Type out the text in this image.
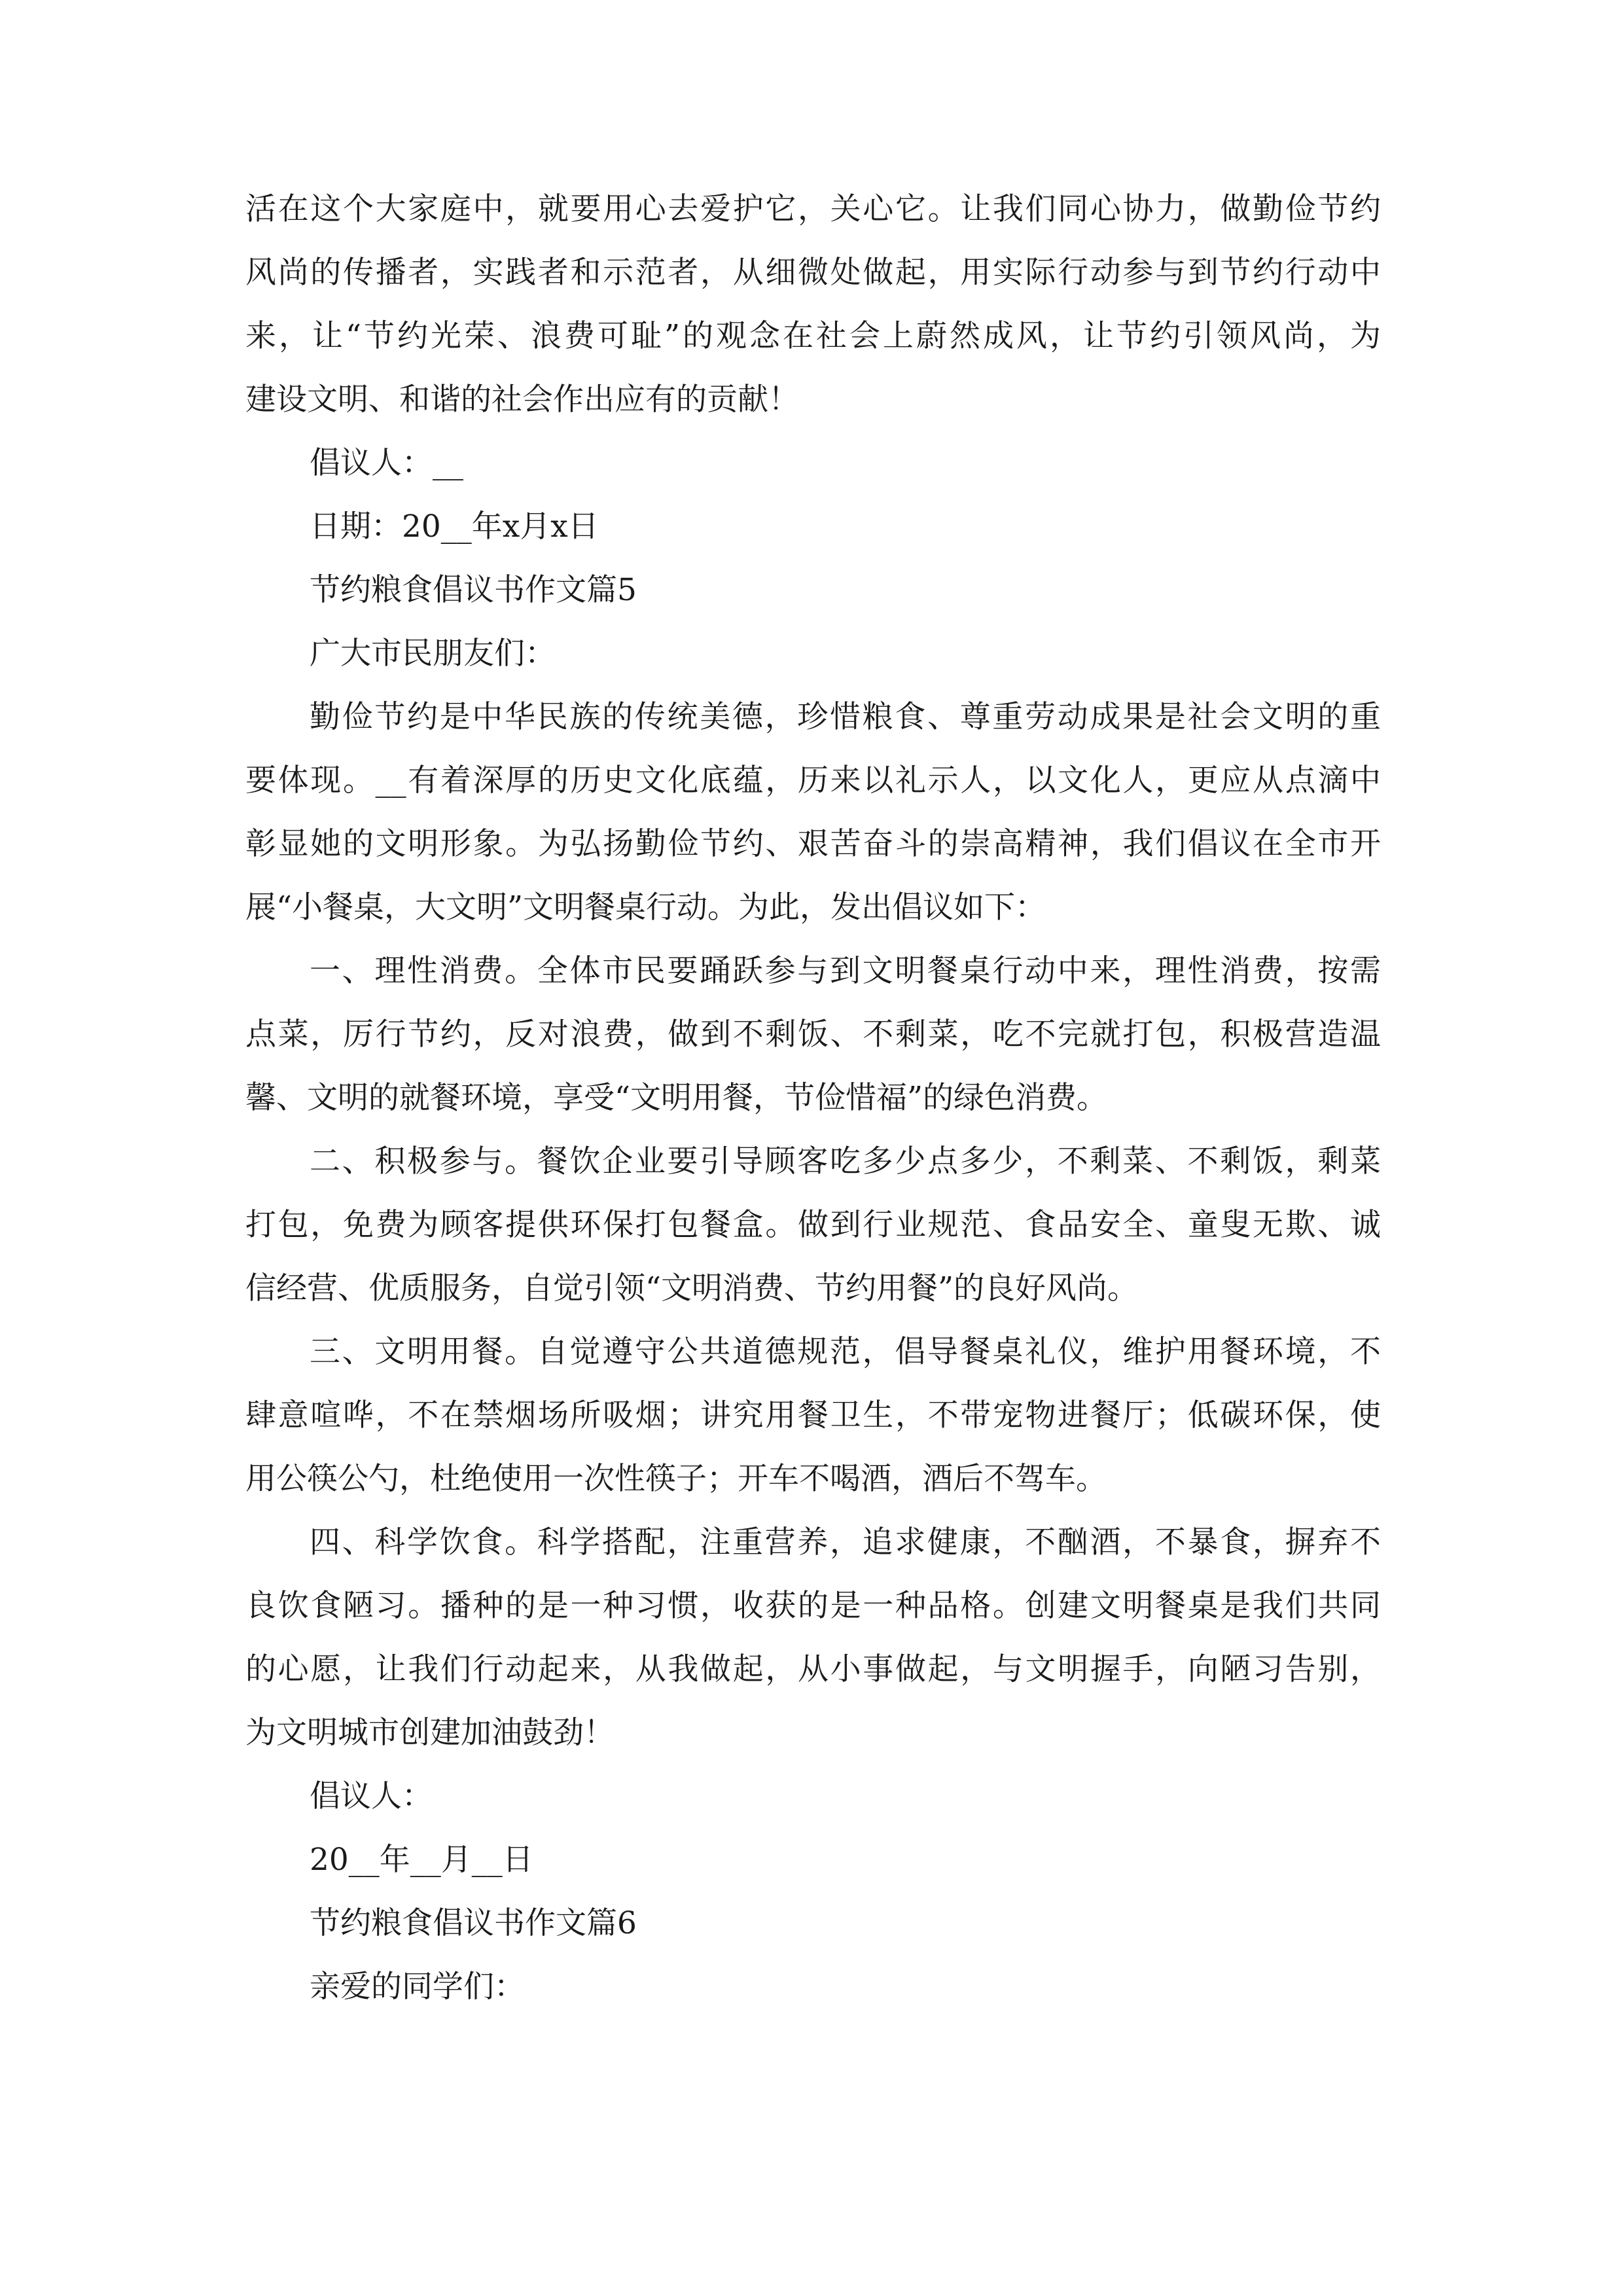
活在这个大家庭中，就要用心去爱护它，关心它。让我们同心协力，做勤俭节约
风尚的传播者，实践者和示范者，从细微处做起，用实际行动参与到节约行动中
来，让“节约光荣、浪费可耻”的观念在社会上蔚然成风，让节约引领风尚，为
建设文明、和谐的社会作出应有的贡献！
倡议人：__
日期：20__年x月x日
节约粮食倡议书作文篇5
广大市民朋友们：
勤俭节约是中华民族的传统美德，珍惜粮食、尊重劳动成果是社会文明的重
要体现。__有着深厚的历史文化底蕴，历来以礼示人，以文化人，更应从点滴中
彰显她的文明形象。为弘扬勤俭节约、艰苦奋斗的崇高精神，我们倡议在全市开
展“小餐桌，大文明”文明餐桌行动。为此，发出倡议如下：
一、理性消费。全体市民要踊跃参与到文明餐桌行动中来，理性消费，按需
点菜，厉行节约，反对浪费，做到不剩饭、不剩菜，吃不完就打包，积极营造温
馨、文明的就餐环境，享受“文明用餐，节俭惜福”的绿色消费。
二、积极参与。餐饮企业要引导顾客吃多少点多少，不剩菜、不剩饭，剩菜
打包，免费为顾客提供环保打包餐盒。做到行业规范、食品安全、童叟无欺、诚
信经营、优质服务，自觉引领“文明消费、节约用餐”的良好风尚。
三、文明用餐。自觉遵守公共道德规范，倡导餐桌礼仪，维护用餐环境，不
肆意喧哗，不在禁烟场所吸烟；讲究用餐卫生，不带宠物进餐厅；低碳环保，使
用公筷公勺，杜绝使用一次性筷子；开车不喝酒，酒后不驾车。
四、科学饮食。科学搭配，注重营养，追求健康，不酗酒，不暴食，摒弃不
良饮食陋习。播种的是一种习惯，收获的是一种品格。创建文明餐桌是我们共同
的心愿，让我们行动起来，从我做起，从小事做起，与文明握手，向陋习告别，
为文明城市创建加油鼓劲！
倡议人：
20__年__月__日
节约粮食倡议书作文篇6
亲爱的同学们：
